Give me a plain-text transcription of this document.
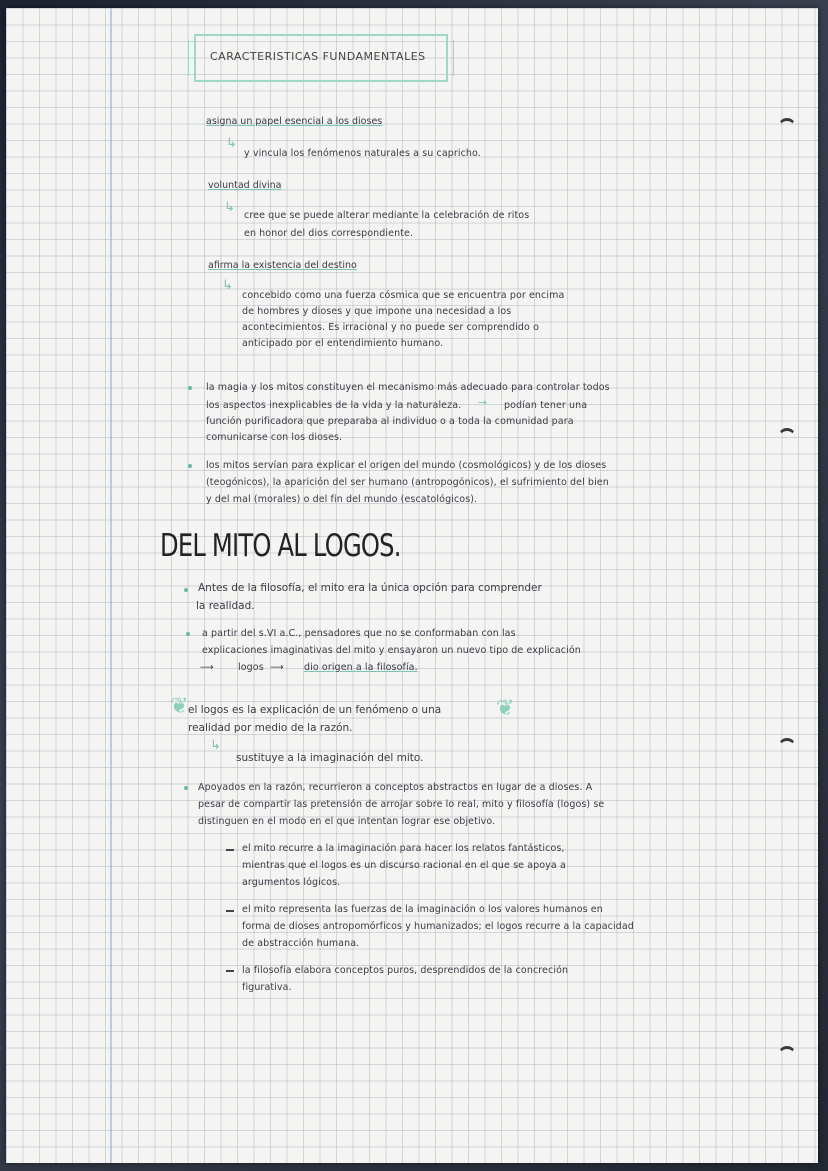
CARACTERISTICAS FUNDAMENTALES
asigna un papel esencial a los dioses
↳
y vincula los fenómenos naturales a su capricho.
voluntad divina
↳
cree que se puede alterar mediante la celebración de ritos
en honor del dios correspondiente.
afirma la existencia del destino
↳
concebido como una fuerza cósmica que se encuentra por encima
de hombres y dioses y que impone una necesidad a los
acontecimientos. Es irracional y no puede ser comprendido o
anticipado por el entendimiento humano.
la magia y los mitos constituyen el mecanismo más adecuado para controlar todos
los aspectos inexplicables de la vida y la naturaleza. → podían tener una
función purificadora que preparaba al individuo o a toda la comunidad para
comunicarse con los dioses.
los mitos servían para explicar el origen del mundo (cosmológicos) y de los dioses
(teogónicos), la aparición del ser humano (antropogónicos), el sufrimiento del bien
y del mal (morales) o del fin del mundo (escatológicos).
DEL MITO AL LOGOS.
Antes de la filosofía, el mito era la única opción para comprender
la realidad.
a partir del s.VI a.C., pensadores que no se conformaban con las
explicaciones imaginativas del mito y ensayaron un nuevo tipo de explicación
⟶	logos ⟶ dio origen a la filosofía.
❦	❦
el logos es la explicación de un fenómeno o una
realidad por medio de la razón.
↳
sustituye a la imaginación del mito.
Apoyados en la razón, recurrieron a conceptos abstractos en lugar de a dioses. A
pesar de compartir las pretensión de arrojar sobre lo real, mito y filosofía (logos) se
distinguen en el modo en el que intentan lograr ese objetivo.
el mito recurre a la imaginación para hacer los relatos fantásticos,
mientras que el logos es un discurso racional en el que se apoya a
argumentos lógicos.
el mito representa las fuerzas de la imaginación o los valores humanos en
forma de dioses antropomórficos y humanizados; el logos recurre a la capacidad
de abstracción humana.
la filosofía elabora conceptos puros, desprendidos de la concreción
figurativa.
